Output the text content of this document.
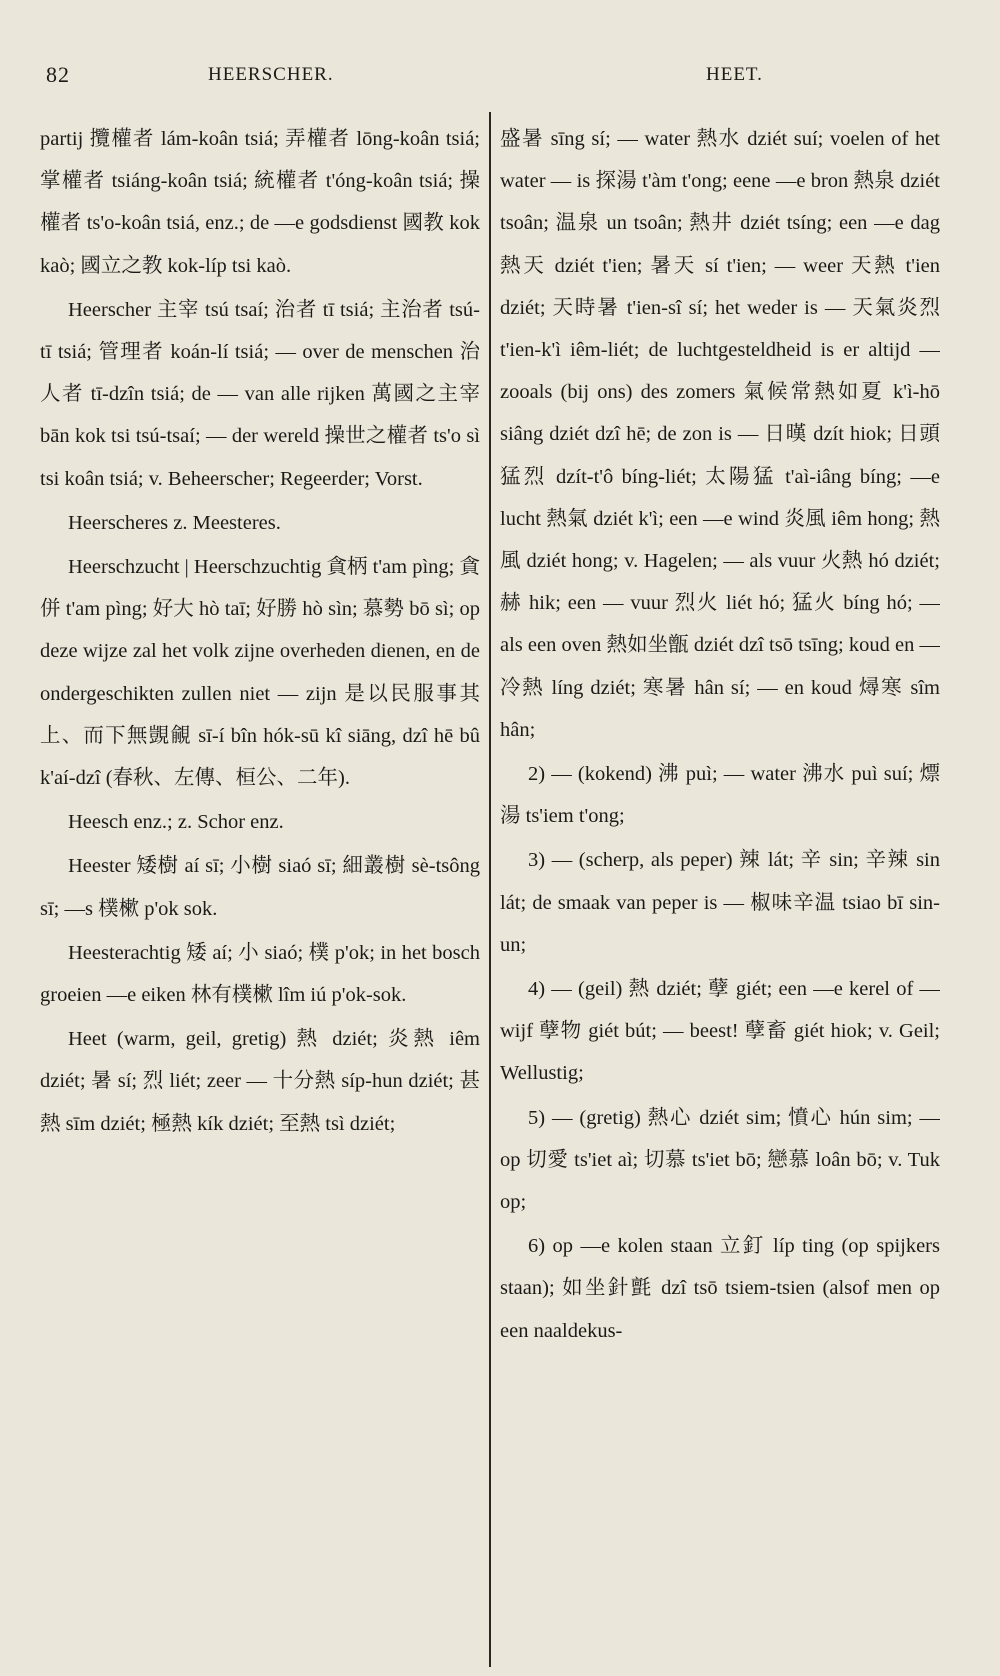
82	HEERSCHER.	HEET.

partij 攬權者 lám-koân tsiá; 弄權者 lōng-koân tsiá; 掌權者 tsiáng-koân tsiá; 統權者 t'óng-koân tsiá; 操權者 ts'o-koân tsiá, enz.; de —e godsdienst 國教 kok kaò; 國立之教 kok-líp tsi kaò.

Heerscher 主宰 tsú tsaí; 治者 tī tsiá; 主治者 tsú-tī tsiá; 管理者 koán-lí tsiá; — over de menschen 治人者 tī-dzîn tsiá; de — van alle rijken 萬國之主宰 bān kok tsi tsú-tsaí; — der wereld 操世之權者 ts'o sì tsi koân tsiá; v. Beheerscher; Regeerder; Vorst.

Heerscheres z. Meesteres.

Heerschzucht | Heerschzuchtig 貪柄 t'am pìng; 貪併 t'am pìng; 好大 hò taī; 好勝 hò sìn; 慕勢 bō sì; op deze wijze zal het volk zijne overheden dienen, en de ondergeschikten zullen niet — zijn 是以民服事其上、而下無覬覦 sī-í bîn hók-sū kî siāng, dzî hē bû k'aí-dzî (春秋、左傳、桓公、二年).

Heesch enz.; z. Schor enz.

Heester 矮樹 aí sī; 小樹 siaó sī; 細叢樹 sè-tsông sī; —s 樸樕 p'ok sok.

Heesterachtig 矮 aí; 小 siaó; 樸 p'ok; in het bosch groeien —e eiken 林有樸樕 lîm iú p'ok-sok.

Heet (warm, geil, gretig) 熱 dziét; 炎熱 iêm dziét; 暑 sí; 烈 liét; zeer — 十分熱 síp-hun dziét; 甚熱 sīm dziét; 極熱 kík dziét; 至熱 tsì dziét;

盛暑 sīng sí; — water 熱水 dziét suí; voelen of het water — is 探湯 t'àm t'ong; eene —e bron 熱泉 dziét tsoân; 温泉 un tsoân; 熱井 dziét tsíng; een —e dag 熱天 dziét t'ien; 暑天 sí t'ien; — weer 天熱 t'ien dziét; 天時暑 t'ien-sî sí; het weder is — 天氣炎烈 t'ien-k'ì iêm-liét; de luchtgesteldheid is er altijd — zooals (bij ons) des zomers 氣候常熱如夏 k'ì-hō siâng dziét dzî hē; de zon is — 日暵 dzít hiok; 日頭猛烈 dzít-t'ô bíng-liét; 太陽猛 t'aì-iâng bíng; —e lucht 熱氣 dziét k'ì; een —e wind 炎風 iêm hong; 熱風 dziét hong; v. Hagelen; — als vuur 火熱 hó dziét; 赫 hik; een — vuur 烈火 liét hó; 猛火 bíng hó; — als een oven 熱如坐甑 dziét dzî tsō tsīng; koud en — 冷熱 líng dziét; 寒暑 hân sí; — en koud 燖寒 sîm hân;

2) — (kokend) 沸 puì; — water 沸水 puì suí; 熛湯 ts'iem t'ong;

3) — (scherp, als peper) 辣 lát; 辛 sin; 辛辣 sin lát; de smaak van peper is — 椒味辛温 tsiao bī sin-un;

4) — (geil) 熱 dziét; 孽 giét; een —e kerel of — wijf 孽物 giét bút; — beest! 孽畜 giét hiok; v. Geil; Wellustig;

5) — (gretig) 熱心 dziét sim; 憤心 hún sim; — op 切愛 ts'iet aì; 切慕 ts'iet bō; 戀慕 loân bō; v. Tuk op;

6) op —e kolen staan 立釘 líp ting (op spijkers staan); 如坐針氈 dzî tsō tsiem-tsien (alsof men op een naaldekus-
